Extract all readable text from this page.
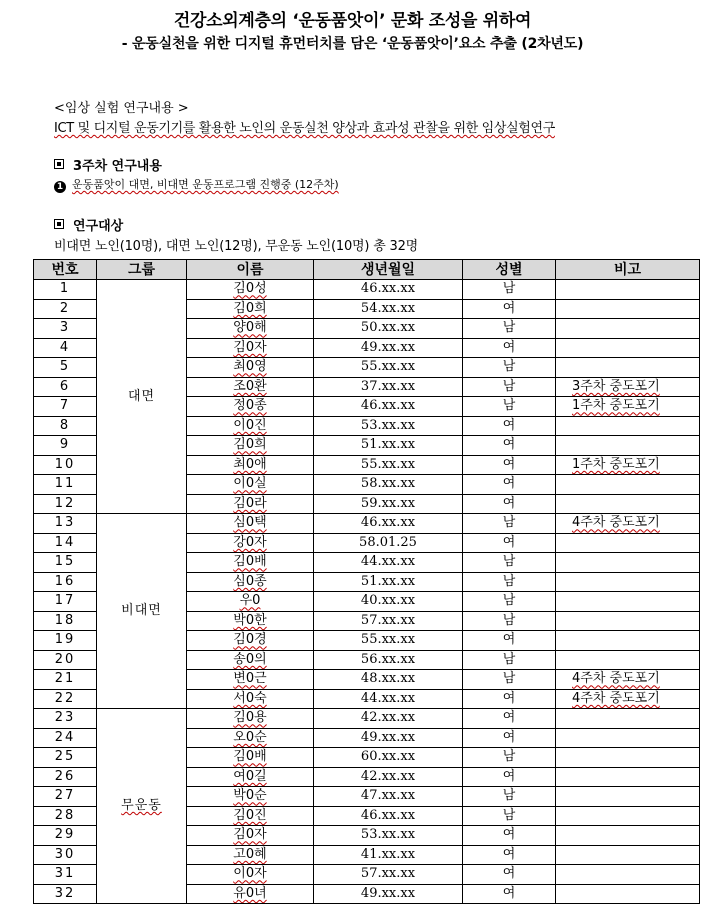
건강소외계층의 ‘운동품앗이’ 문화 조성을 위하여
- 운동실천을 위한 디지털 휴먼터치를 담은 ‘운동품앗이’요소 추출 (2차년도)
<임상 실험 연구내용 >
ICT 및 디지털 운동기기를 활용한 노인의 운동실천 양상과 효과성 관찰을 위한 임상실험연구
3주차 연구내용
1 운동품앗이 대면, 비대면 운동프로그램 진행중 (12주차)
연구대상
비대면 노인(10명), 대면 노인(12명), 무운동 노인(10명) 총 32명
번호	그룹	이름	생년월일	성별	비고
1	대면	김0성	46.xx.xx	남	
2		김0희	54.xx.xx	여	
3		양0해	50.xx.xx	남	
4		김0자	49.xx.xx	여	
5		최0영	55.xx.xx	남	
6		조0환	37.xx.xx	남	3주차 중도포기
7		정0종	46.xx.xx	남	1주차 중도포기
8		이0진	53.xx.xx	여	
9		김0희	51.xx.xx	여	
10		최0애	55.xx.xx	여	1주차 중도포기
11		이0실	58.xx.xx	여	
12		김0라	59.xx.xx	여	
13	비대면	심0택	46.xx.xx	남	4주차 중도포기
14		강0자	58.01.25	여	
15		김0배	44.xx.xx	남	
16		심0종	51.xx.xx	남	
17		우0	40.xx.xx	남	
18		박0한	57.xx.xx	남	
19		김0경	55.xx.xx	여	
20		송0의	56.xx.xx	남	
21		변0근	48.xx.xx	남	4주차 중도포기
22		서0숙	44.xx.xx	여	4주차 중도포기
23	무운동	김0용	42.xx.xx	여	
24		오0순	49.xx.xx	여	
25		김0배	60.xx.xx	남	
26		여0길	42.xx.xx	여	
27		박0순	47.xx.xx	남	
28		김0진	46.xx.xx	남	
29		김0자	53.xx.xx	여	
30		고0혜	41.xx.xx	여	
31		이0자	57.xx.xx	여	
32		유0녀	49.xx.xx	여	
